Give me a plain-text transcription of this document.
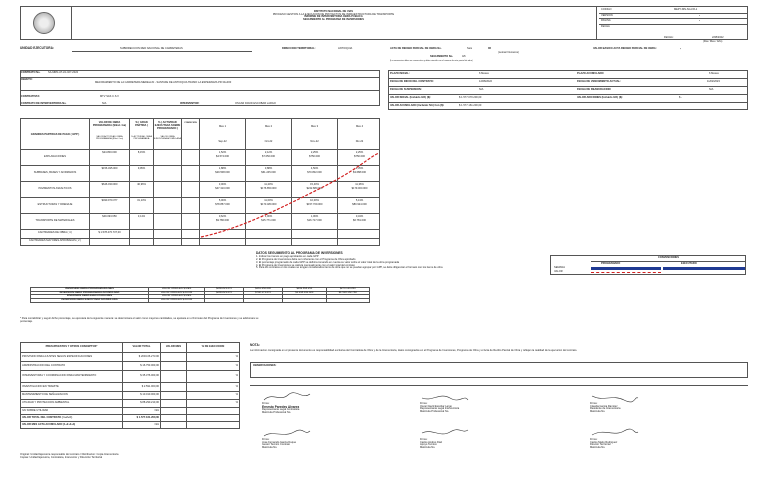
INSTITUTO NACIONAL DE VIAS
PROCESO GESTION A LA EJECUCION DE PROYECTOS DE INFRAESTRUCTURA DE TRANSPORTE
INFORME DE INTERVENTORIA OBRA PUBLICA
SEGUIMIENTO AL PROGRAMA DE INVERSIONES
CODIGO	MEPY-MN-SG-FR-1
VERSION	1
PAGINA	1
FECHA
FECHA:	2/08/2022
(Dia / Mes / Año)
UNIDAD EJECUTORA:	SUBDIRECCION RED NACIONAL DE CARRETERAS	DIRECCION TERRITORIAL:	ANTIOQUIA	ACTA DE RECIBO PARCIAL DE OBRA No.	Seis	06
(Letras/ Numeros)
SEGUIMIENTO No.	4/6
(La numeracion debe ser consecutiva y debe coincidir con el numero de acta parcial de obra)
VALOR BASICO ACTA RECIBO PARCIAL DE OBRA:	$
CONTRATO No.	SA-MRN-AT-LN-027-2022
OBJETO:
MEJORAMIENTO DE LA CARRETERA MEDELLIN - SANTAFE DE ANTIOQUIA TRAMO LA ESPERANZA PR 30+000
CONTRATISTA:	MTV SAS C.S.V
CONTRATO DE INTERVENTORIA No.	N/A	INTERVENTOR:	OSCAR DAVID ESCOBAR LARGO
PLAZO INICIAL:	6 Meses	PLAZO ACUMULADO:	6 Meses
FECHA DE INICIO DEL CONTRATO:	12/08/2022	FECHA DE VENCIMIENTO ACTUAL:	11/02/2023
FECHA DE SUSPENSION:	N/A	FECHA DE REANUDACION:	N/A
VALOR INICIAL (Incluido IVA) ($):	$ 1.577.070.200,00	VALOR ADICIONES (Incluido IVA) ($):	$ -
VALOR ACUMULADO (Incluido IVA) Con ($):	$ 1.577.161.200,00
GRANDES PARTIDAS DE PAGO ( GPP )
VALOR DE OBRA PROGRAMADA ($/Incl. Iva)
% ( GRAN PARTIDA )
% ( ACTIVIDAD EJECUTADA SOBRE PROGRAMADO )
CONDICION
Mes 1	Mes 2	Mes 3	Mes 4
Sep-22	Oct-22	Nov-22	Dic-22
VALOR ACTIVIDAD OBRA PROGRAMADA ($/Incl. Iva)
% ACTIVIDAD OBRA PROGRAMADA
VALOR OBRA EJECUTADA ACUMULADA
EXPLANACIONES
$24.800.000	8,15%	1,52%	2,12%	2,25%	2,25%
$4.574.000	$7.050.000	$750.000	$750.000
SUBBASES, BASES Y AFIRMADOS
$156.495.000	9,95%	1,88%	3,88%	4,50%	2,35%
$29.508.000	$61.245.000	$70.802.000	$3.688.000
PAVIMENTOS ASFALTICOS
$646.030.000	40,96%	3,00%	11,20%	15,40%	11,36%
$47.310.000	$176.850.000	$242.880.000	$179.000.000
ESTRUCTURAS Y DRENAJE
$490.970.377	31,13%	5,00%	11,00%	10,00%	5,13%
$78.857.000	$173.480.000	$157.709.000	$80.924.000
TRANSPORTE DE MATERIALES
$49.093.650	3,11%	0,62%	1,00%	1,06%	0,43%
$9.780.000	$15.771.000	$16.717.000	$6.781.000
CANTIDADES DE OBRA ( 4 )	$ 1.578.470.737,00
CANTIDADES MAYORES APROBADAS ( 2 )
DATOS SEGUIMIENTO AL PROGRAMA DE INVERSIONES
1. Indicar los tramos en pago aprobados en cada GPP
2. El Programa de Inversiones debe ser coherente con el Programa de Obra aprobado
3. El porcentaje programado de cada GPP se definira tomando en cuenta su valor sobre el valor total de la obra programada
4. El Programa de Inversiones se calcula mensualmente con el valor total del contrato
5. Para los contratos en los cuales se tengan considerados items de obra que no se puedan agrupar por GPP, se debe diligenciar el formato con los items de obra
CONVENCIONES
PROGRAMADO	EJECUTADO
SEMANA
VALOR
INVERSION OBRA PROGRAMADA MES	VALOR OBRA EN $ MES	$286.823.670	$461.350.000	$499.858.250	$270.120.860
INVERSION OBRA PROGRAMADA ACUMULADA	VALOR OBRA EN $ ACUM	$286.823.670	$748.173.670	$1.248.031.920	$1.518.152.780
INVERSION OBRA EJECUTADA MES	VALOR OBRA EN $ MES				
INVERSION OBRA EJECUTADA ACUMULADA	VALOR OBRA EN $ ACUM				
* Para contabilizar y seguir dicho porcentaje, se ejecutara de la siguiente manera: se determinara el valor como mayores cantidades, se ajustara en el Formato del Programa de Inversiones y se adicionara su porcentaje.
PRESUPUESTOS Y OTROS CONCEPTOS*	VALOR TOTAL	VALOR MES	% DE EJECUCION
PROVISION PARA AJUSTES SEGUN ESPECIFICACIONES	$ 2004.06.273.00		%
ADMINISTRACION DEL CONTRATO	$ 16.753.000,00		%
INTERVENTORIA Y COORDINACION PARA MANTENIMIENTO	$ 35.376.000,00		%
INVESTIGACION EN TRAMITE	$ 2.591.000,00		%
MANTENIMIENTO DE SEÑALIZACION	$ 10.010.000,00		%
UTILIDAD Y PROTECCION AMBIENTAL	$ 88.290.210,00		%
IVA SOBRE UTILIDAD	N/A		
VALOR TOTAL DEL CONTRATO ( 1+2+3 )	$ 1.577.161.200,00		
VALOR MES ACTA ACUMULADO (1+2+3+4)	N/A		
NOTA:
La informacion consignada en el presente documento es responsabilidad exclusiva del Contratista de Obra y de la Interventoria, datos consignados en el Programa de Inversiones, Programa de Obra y el Acta de Recibo Parcial de Obra y reflejan la realidad de la ejecucion del contrato.
OBSERVACIONES:
Firma:
Ernesto Paredes Alvarez
Representante Legal Contratista
Matricula Profesional No.
Firma:
Oscar David Escobar Largo
Representante Legal Interventoria
Matricula Profesional No.
Firma:
Claudia Garcia Ramirez
Residente de Interventoria
Matricula No.
Firma:
Jose Fernando Garcia Duque
Gestor Tecnico Contrato
Matricula No.
Firma:
Carlos Andres Diaz
Apoyo Tecnico
Matricula No.
Firma:
Carlos Mario Rodriguez
Director Territorial
Matricula No.
Original: Unidad Ejecutora responsable del contrato / Distribucion: Copia Interventoria
Copias: Unidad Ejecutora, Contratista, Interventor y Dirección Territorial
